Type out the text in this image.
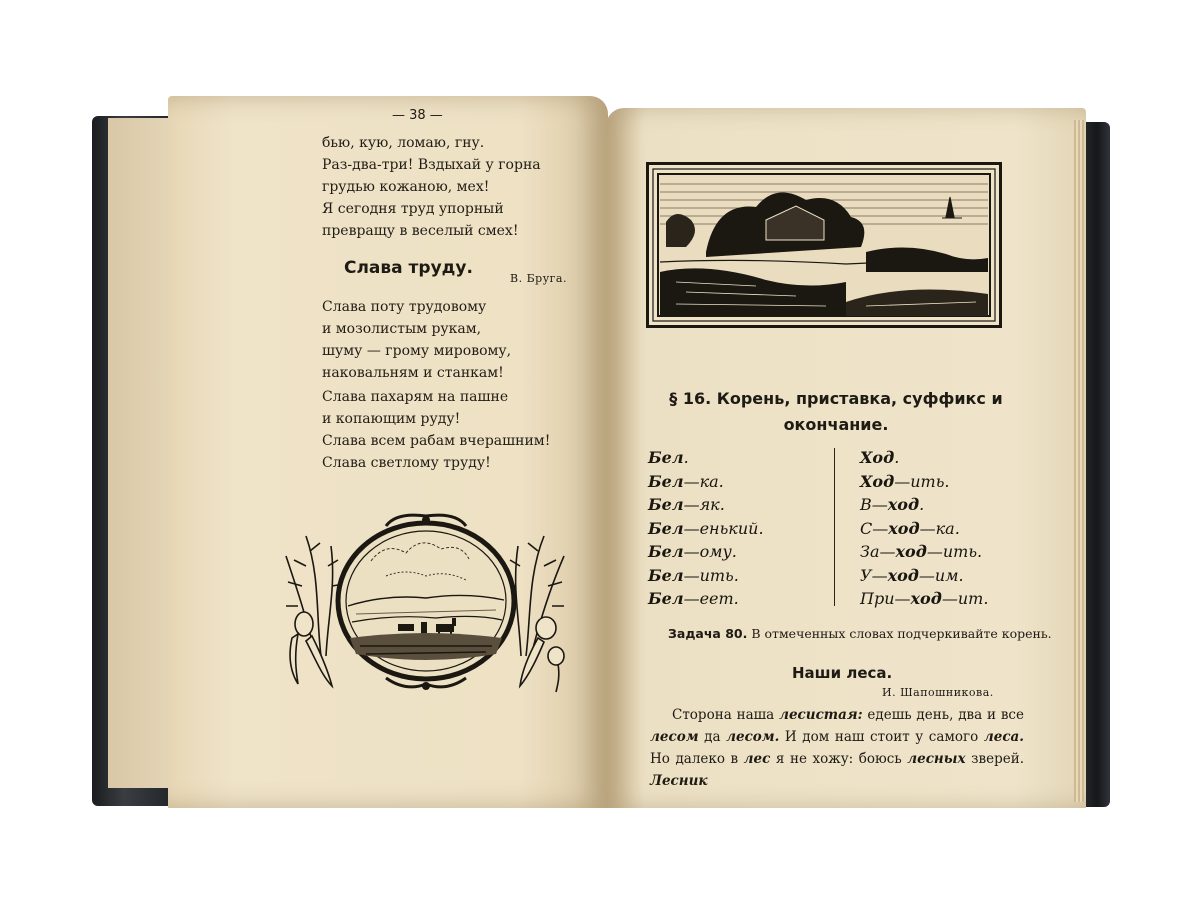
— 38 —
бью, кую, ломаю, гну.
Раз-два-три! Вздыхай у горна
грудью кожаною, мех!
Я сегодня труд упорный
превращу в веселый смех!
Слава труду.
В. Бруга.
Слава поту трудовому
и мозолистым рукам,
шуму — грому мировому,
наковальням и станкам!
Слава пахарям на пашне
и копающим руду!
Слава всем рабам вчерашним!
Слава светлому труду!
§ 16. Корень, приставка, суффикс и окончание.
Бел.
Бел—ка.
Бел—як.
Бел—енький.
Бел—ому.
Бел—ить.
Бел—еет.
Ход.
Ход—ить.
В—ход.
С—ход—ка.
За—ход—ить.
У—ход—им.
При—ход—ит.
Задача 80. В отмеченных словах подчеркивайте корень.
Наши леса.
И. Шапошникова.
Сторона наша лесистая: едешь день, два и все лесом да лесом. И дом наш стоит у самого леса. Но далеко в лес я не хожу: боюсь лесных зверей. Лесник
